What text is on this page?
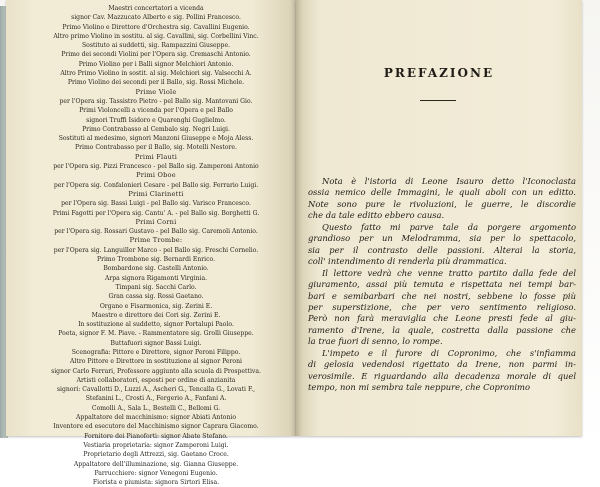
Maestri concertatori a vicenda
signor Cav. Mazzucato Alberto e sig. Pollini Francesco.
Primo Violino e Direttore d'Orchestra sig. Cavallini Eugenio.
Altro primo Violino in sostitu. al sig. Cavallini, sig. Corbellini Vinc.
Sostituto ai suddetti, sig. Rampazzini Giuseppe.
Primo dei secondi Violini per l'Opera sig. Cremaschi Antonio.
Primo Violino per i Balli signor Melchiori Antonio.
Altro Primo Violino in sostit. al sig. Melchiori sig. Valsecchi A.
Primo Violino dei secondi per il Ballo, sig. Rossi Michele.
Prime Viole
per l'Opera sig. Tassistro Pietro - pel Ballo sig. Mantovani Gio.
Primi Violoncelli a vicenda per l'Opera e pel Ballo
signori Truffi Isidoro e Quarenghi Guglielmo.
Primo Contrabasso al Cembalo sig. Negri Luigi.
Sostituti al medesimo, signori Manzoni Giuseppe e Moja Aless.
Primo Contrabasso per il Ballo, sig. Motelli Nestore.
Primi Flauti
per l'Opera sig. Pizzi Francesco - pel Ballo sig. Zamperoni Antonio
Primi Oboe
per l'Opera sig. Confalonieri Cesare - pel Ballo sig. Ferrario Luigi.
Primi Clarinetti
per l'Opera sig. Bassi Luigi - pel Ballo sig. Varisco Francesco.
Primi Fagotti per l'Opera sig. Cantu' A. - pel Ballo sig. Borghetti G.
Primi Corni
per l'Opera sig. Rossari Gustavo - pel Ballo sig. Caremoli Antonio.
Prime Trombe:
per l'Opera sig. Languiller Marco - pel Ballo sig. Freschi Cornelio.
Primo Trombone sig. Bernardi Enrico.
Bombardone sig. Castelli Antonio.
Arpa signora Rigamonti Virginia.
Timpani sig. Sacchi Carlo.
Gran cassa sig. Rossi Gaetano.
Organo e Fisarmonica, sig. Zerini E.
Maestro e direttore dei Cori sig. Zerini E.
In sostituzione al suddetto, signor Portalupi Paolo.
Poeta, signor F. M. Piave. - Rammentatore sig. Grolli Giuseppe.
Buttafuori signor Bassi Luigi.
Scenografia: Pittore e Direttore, signor Peroni Filippo.
Altro Pittore e Direttore in sostituzione al signor Peroni
signor Carlo Ferrari, Professore aggiunto alla scuola di Prospettiva.
Artisti collaboratori, esposti per ordine di anzianita
signori: Cavallotti D., Luzzi A., Ascheri G., Tencalla G., Lovati F.,
Stefanini L., Crosti A., Fergerio A., Fanfani A.
Comolli A., Sala L., Bestelli C., Bellomi G.
Appaltatore del macchinismo: signor Abiati Antonio
Inventore ed esecutore del Macchinismo signor Caprara Giacomo.
Fornitore dei Pianoforti: signor Abate Stefano.
Vestiaria proprietaria: signor Zamperoni Luigi.
Proprietario degli Attrezzi, sig. Gaetano Croce.
Appaltatore dell'illuminazione, sig. Gianna Giuseppe.
Parrucchiere: signor Venegoni Eugenio.
Fiorista e piumista: signora Sirtori Elisa.
PREFAZIONE
Nota è l'istoria di Leone Isauro detto l'Iconoclasta
ossia nemico delle Immagini, le quali aboli con un editto.
Note sono pure le rivoluzioni, le guerre, le discordie
che da tale editto ebbero causa.
Questo fatto mi parve tale da porgere argomento
grandioso per un Melodramma, sia per lo spettacolo,
sia per il contrasto delle passioni. Alterai la storia,
coll' intendimento di renderla più drammatica.
Il lettore vedrà che venne tratto partito dalla fede del
giuramento, assai più temuta e rispettata nei tempi bar-
bari e semibarbari che nei nostri, sebbene lo fosse più
per superstizione, che per vero sentimento religioso.
Però non farà meraviglia che Leone presti fede al giu-
ramento d'Irene, la quale, costretta dalla passione che
la trae fuori di senno, lo rompe.
L'impeto e il furore di Copronimo, che s'infiamma
di gelosia vedendosi rigettato da Irene, non parmi in-
verosimile. E riguardando alla decadenza morale di quel
tempo, non mi sembra tale neppure, che Copronimo
